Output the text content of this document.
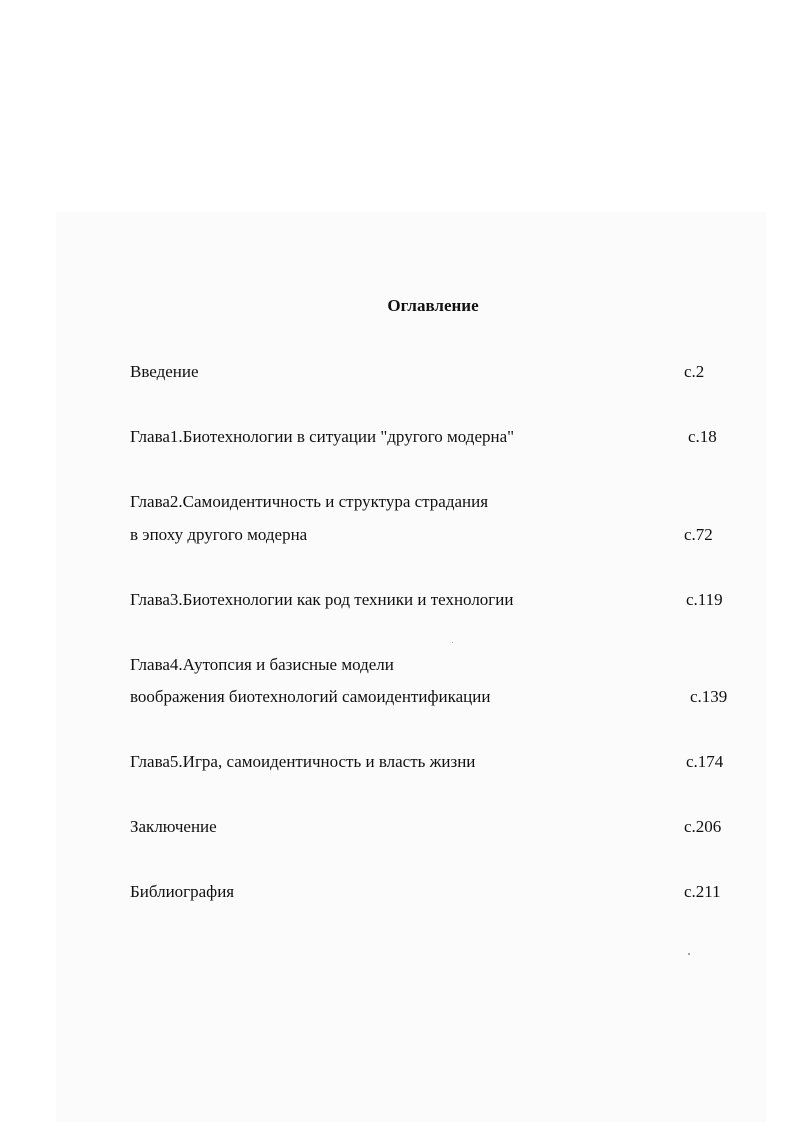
Оглавление
Введение	с.2
Глава1.Биотехнологии в ситуации "другого модерна"	с.18
Глава2.Самоидентичность и структура страдания
в эпоху другого модерна	с.72
Глава3.Биотехнологии как род техники и технологии	с.119
Глава4.Аутопсия и базисные модели
воображения биотехнологий самоидентификации	с.139
Глава5.Игра, самоидентичность и власть жизни	с.174
Заключение	с.206
Библиография	с.211
